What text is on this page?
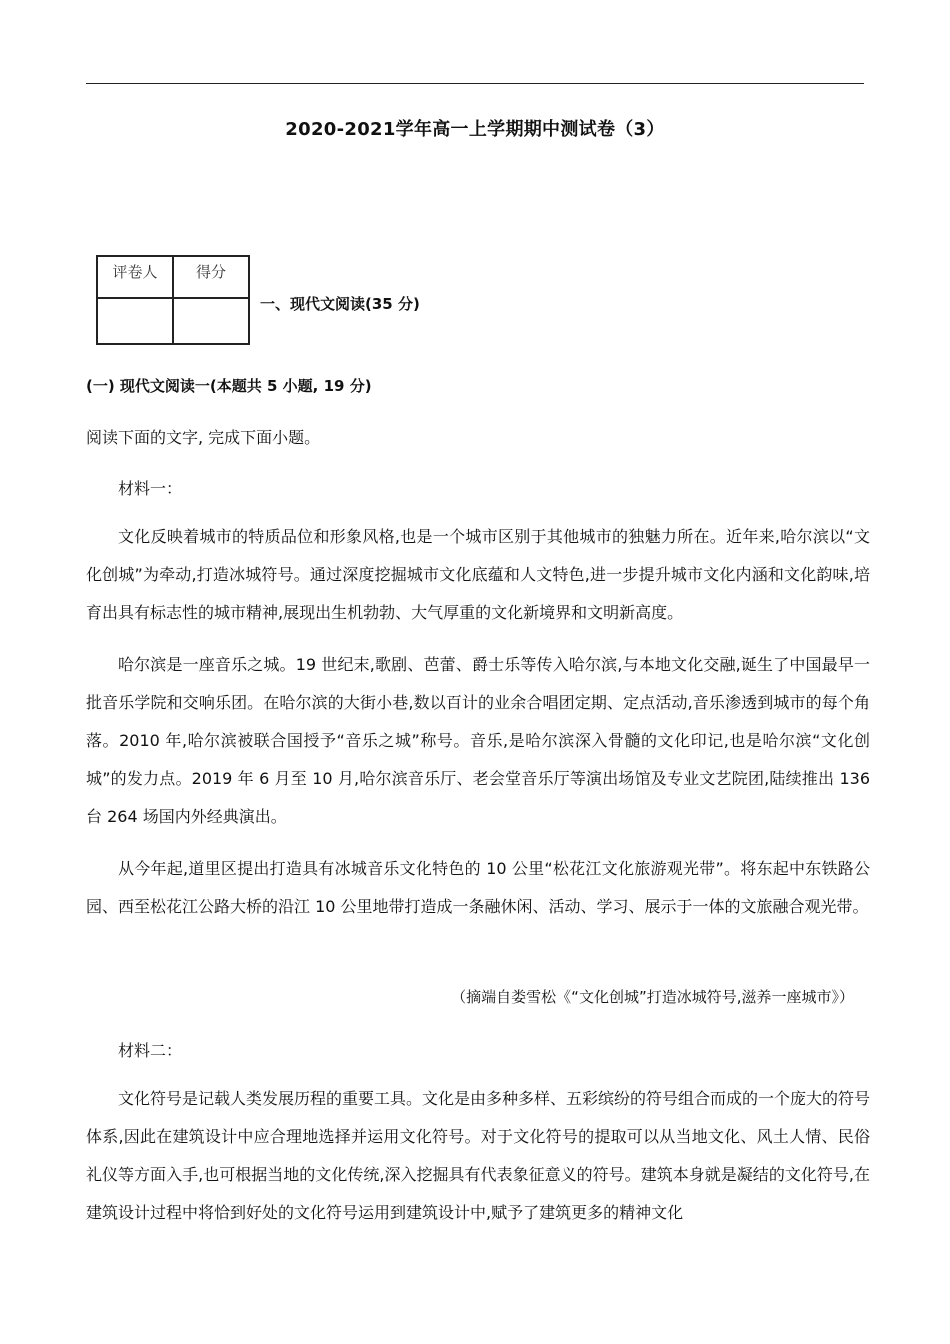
2020-2021学年高一上学期期中测试卷（3）
评卷人	得分

一、现代文阅读(35 分)
(一) 现代文阅读一(本题共 5 小题, 19 分)
阅读下面的文字, 完成下面小题。
材料一：
文化反映着城市的特质品位和形象风格,也是一个城市区别于其他城市的独魅力所在。近年来,哈尔滨以“文化创城”为牵动,打造冰城符号。通过深度挖掘城市文化底蕴和人文特色,进一步提升城市文化内涵和文化韵味,培育出具有标志性的城市精神,展现出生机勃勃、大气厚重的文化新境界和文明新高度。
哈尔滨是一座音乐之城。19 世纪末,歌剧、芭蕾、爵士乐等传入哈尔滨,与本地文化交融,诞生了中国最早一批音乐学院和交响乐团。在哈尔滨的大街小巷,数以百计的业余合唱团定期、定点活动,音乐渗透到城市的每个角落。2010 年,哈尔滨被联合国授予“音乐之城”称号。音乐,是哈尔滨深入骨髓的文化印记,也是哈尔滨“文化创城”的发力点。2019 年 6 月至 10 月,哈尔滨音乐厅、老会堂音乐厅等演出场馆及专业文艺院团,陆续推出 136 台 264 场国内外经典演出。
从今年起,道里区提出打造具有冰城音乐文化特色的 10 公里“松花江文化旅游观光带”。将东起中东铁路公园、西至松花江公路大桥的沿江 10 公里地带打造成一条融休闲、活动、学习、展示于一体的文旅融合观光带。
（摘端自娄雪松《“文化创城”打造冰城符号,滋养一座城市》）
材料二：
文化符号是记载人类发展历程的重要工具。文化是由多种多样、五彩缤纷的符号组合而成的一个庞大的符号体系,因此在建筑设计中应合理地选择并运用文化符号。对于文化符号的提取可以从当地文化、风土人情、民俗礼仪等方面入手,也可根据当地的文化传统,深入挖掘具有代表象征意义的符号。建筑本身就是凝结的文化符号,在建筑设计过程中将恰到好处的文化符号运用到建筑设计中,赋予了建筑更多的精神文化
